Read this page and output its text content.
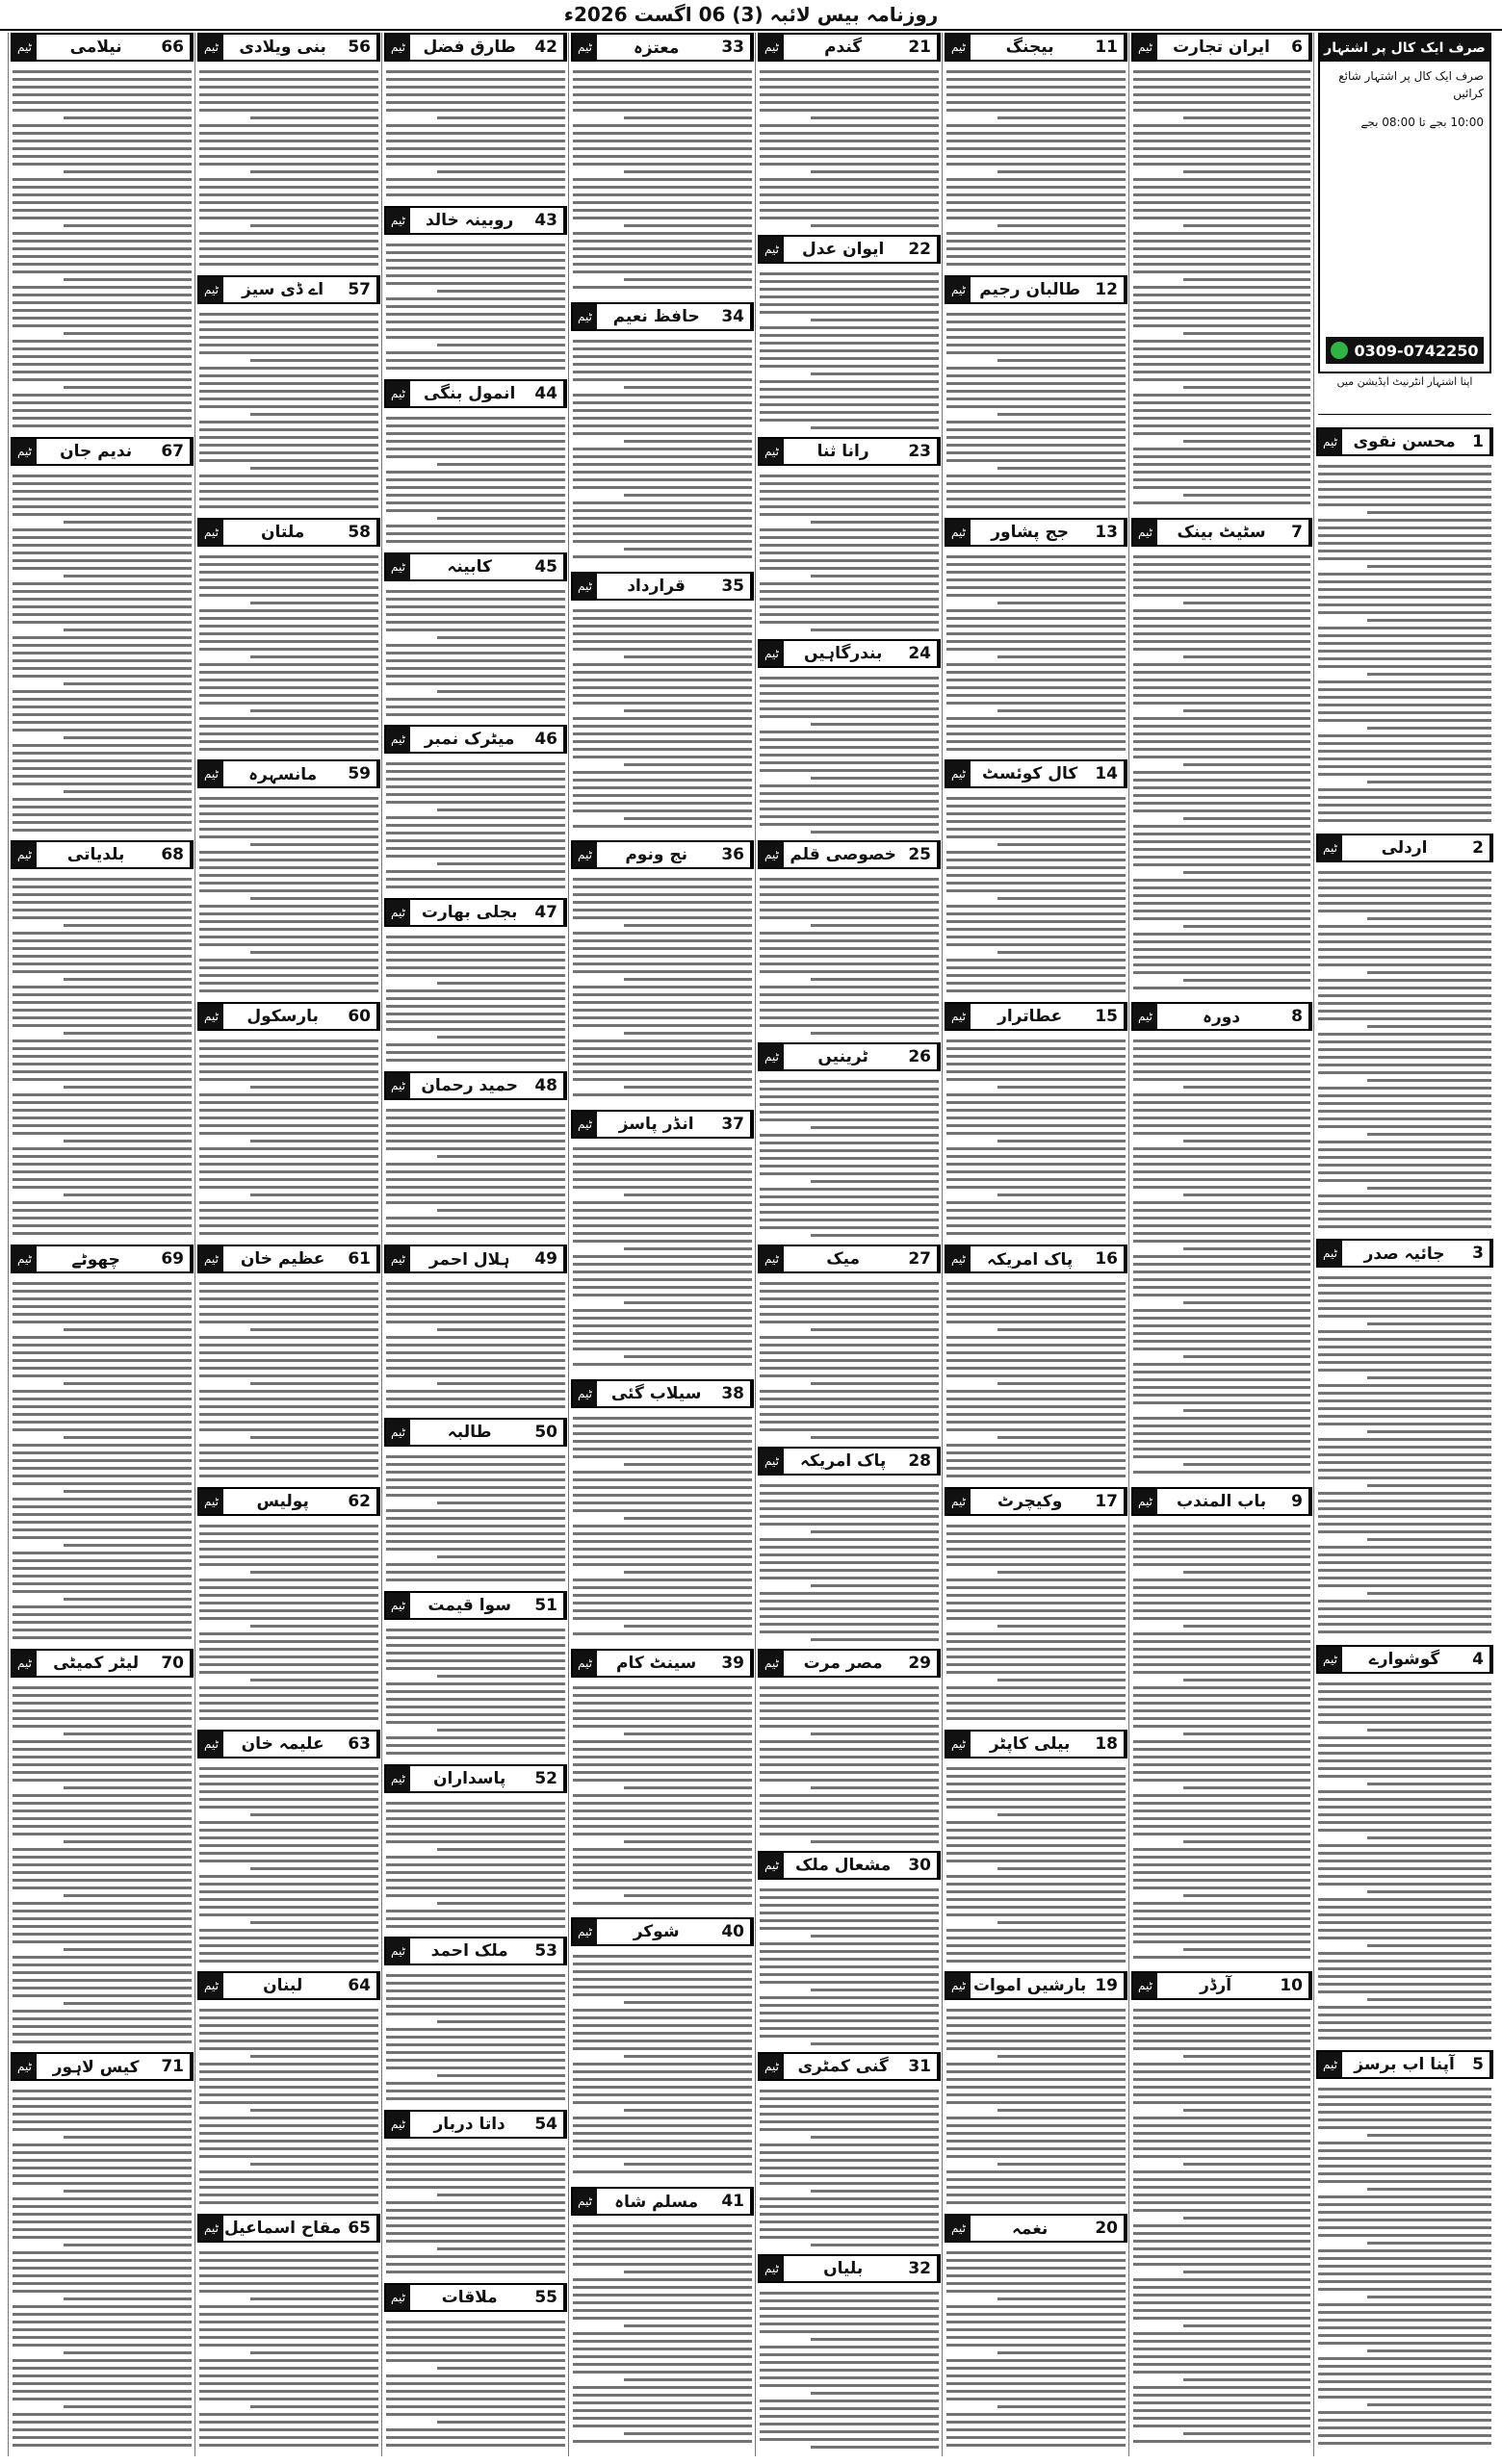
روزنامہ بیس لائبہ (3) 06 اگست 2026ء
صرف ایک کال پر اشتہار
صرف ایک کال پر اشتہار شائع کرائیں
10:00 بجے تا 08:00 بجے
0309-0742250
اپنا اشتہار انٹرنیٹ ایڈیشن میں
1
محسن نقوی
ٹیم
2
اردلی
ٹیم
3
جائیہ صدر
ٹیم
4
گوشوارے
ٹیم
5
آپنا اب برسز
ٹیم
6
ایران تجارت
ٹیم
7
سٹیٹ بینک
ٹیم
8
دورہ
ٹیم
9
باب المندب
ٹیم
10
آرڈر
ٹیم
11
بیجنگ
ٹیم
12
طالبان رجیم
ٹیم
13
جج پشاور
ٹیم
14
کال کوئسٹ
ٹیم
15
عطاترار
ٹیم
16
پاک امریکہ
ٹیم
17
وکیچرٹ
ٹیم
18
بیلی کاپٹر
ٹیم
19
بارشیں اموات
ٹیم
20
نغمہ
ٹیم
21
گندم
ٹیم
22
ایوان عدل
ٹیم
23
رانا ثنا
ٹیم
24
بندرگاہیں
ٹیم
25
خصوصی قلم
ٹیم
26
ٹرینیں
ٹیم
27
میک
ٹیم
28
پاک امریکہ
ٹیم
29
مصر مرت
ٹیم
30
مشعال ملک
ٹیم
31
گنی کمٹری
ٹیم
32
بلیاں
ٹیم
33
معتزہ
ٹیم
34
حافظ نعیم
ٹیم
35
قرارداد
ٹیم
36
نج ونوم
ٹیم
37
انڈر پاسز
ٹیم
38
سیلاب گئی
ٹیم
39
سینٹ کام
ٹیم
40
شوکر
ٹیم
41
مسلم شاہ
ٹیم
42
طارق فضل
ٹیم
43
روبینہ خالد
ٹیم
44
انمول بنگی
ٹیم
45
کابینہ
ٹیم
46
میٹرک نمبر
ٹیم
47
بجلی بھارت
ٹیم
48
حمید رحمان
ٹیم
49
ہلال احمر
ٹیم
50
طالبہ
ٹیم
51
سوا قیمت
ٹیم
52
پاسداران
ٹیم
53
ملک احمد
ٹیم
54
داتا دربار
ٹیم
55
ملاقات
ٹیم
56
بنی ویلادی
ٹیم
57
اے ڈی سیز
ٹیم
58
ملتان
ٹیم
59
مانسہرہ
ٹیم
60
بارسکول
ٹیم
61
عظیم خان
ٹیم
62
پولیس
ٹیم
63
علیمہ خان
ٹیم
64
لبنان
ٹیم
65
مقاح اسماعیل
ٹیم
66
نیلامی
ٹیم
67
ندیم جان
ٹیم
68
بلدیاتی
ٹیم
69
چھوٹے
ٹیم
70
لیٹر کمیٹی
ٹیم
71
کیس لاہور
ٹیم
